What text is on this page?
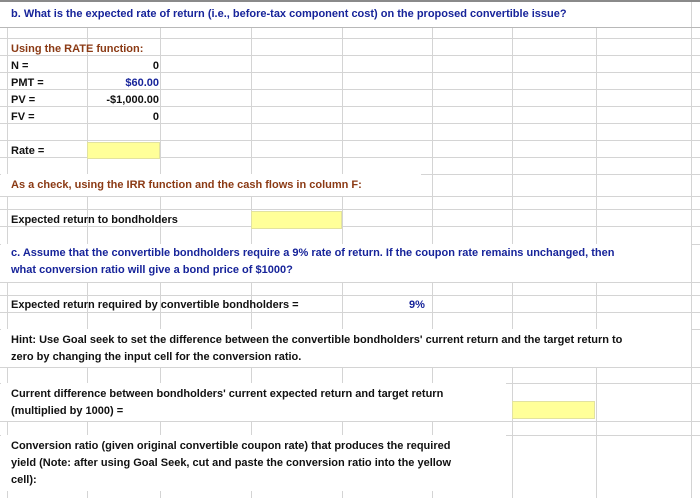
b. What is the expected rate of return (i.e., before-tax component cost) on the proposed convertible issue?
Using the RATE function:
N =	0
PMT =	$60.00
PV =	-$1,000.00
FV =	0
Rate =
As a check, using the IRR function and the cash flows in column F:
Expected return to bondholders
c. Assume that the convertible bondholders require a 9% rate of return. If the coupon rate remains unchanged, then
what conversion ratio will give a bond price of $1000?
Expected return required by convertible bondholders =	9%
Hint: Use Goal seek to set the difference between the convertible bondholders' current return and the target return to
zero by changing the input cell for the conversion ratio.
Current difference between bondholders' current expected return and target return
(multiplied by 1000) =
Conversion ratio (given original convertible coupon rate) that produces the required
yield (Note: after using Goal Seek, cut and paste the conversion ratio into the yellow
cell):
